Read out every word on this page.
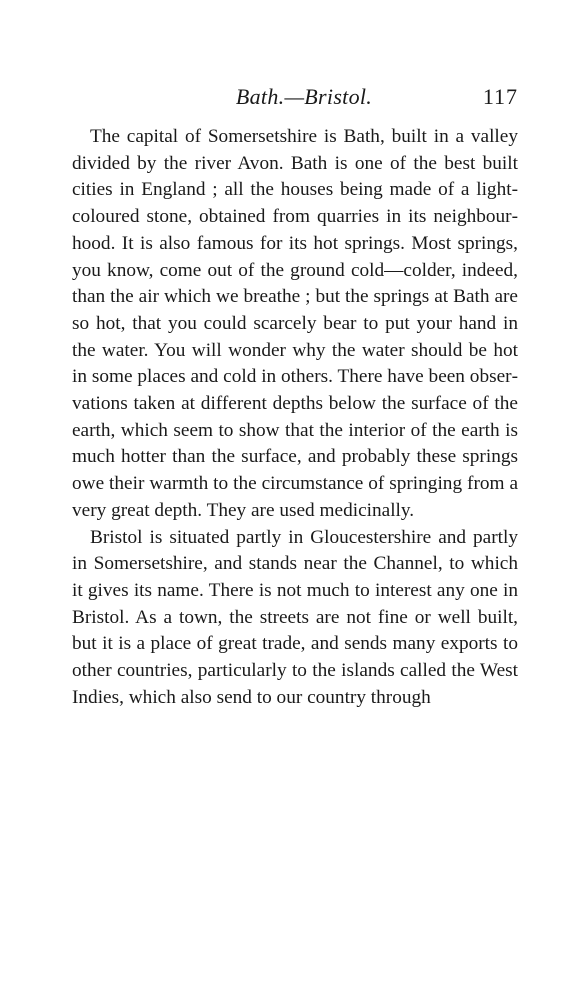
Bath.—Bristol.	117

The capital of Somersetshire is Bath, built in a valley divided by the river Avon. Bath is one of the best built cities in England ; all the houses being made of a light-coloured stone, obtained from quarries in its neighbourhood. It is also famous for its hot springs. Most springs, you know, come out of the ground cold—colder, indeed, than the air which we breathe ; but the springs at Bath are so hot, that you could scarcely bear to put your hand in the water. You will wonder why the water should be hot in some places and cold in others. There have been observations taken at different depths below the surface of the earth, which seem to show that the interior of the earth is much hotter than the surface, and probably these springs owe their warmth to the circumstance of springing from a very great depth. They are used medicinally.

Bristol is situated partly in Gloucestershire and partly in Somersetshire, and stands near the Channel, to which it gives its name. There is not much to interest any one in Bristol. As a town, the streets are not fine or well built, but it is a place of great trade, and sends many exports to other countries, particularly to the islands called the West Indies, which also send to our country through
